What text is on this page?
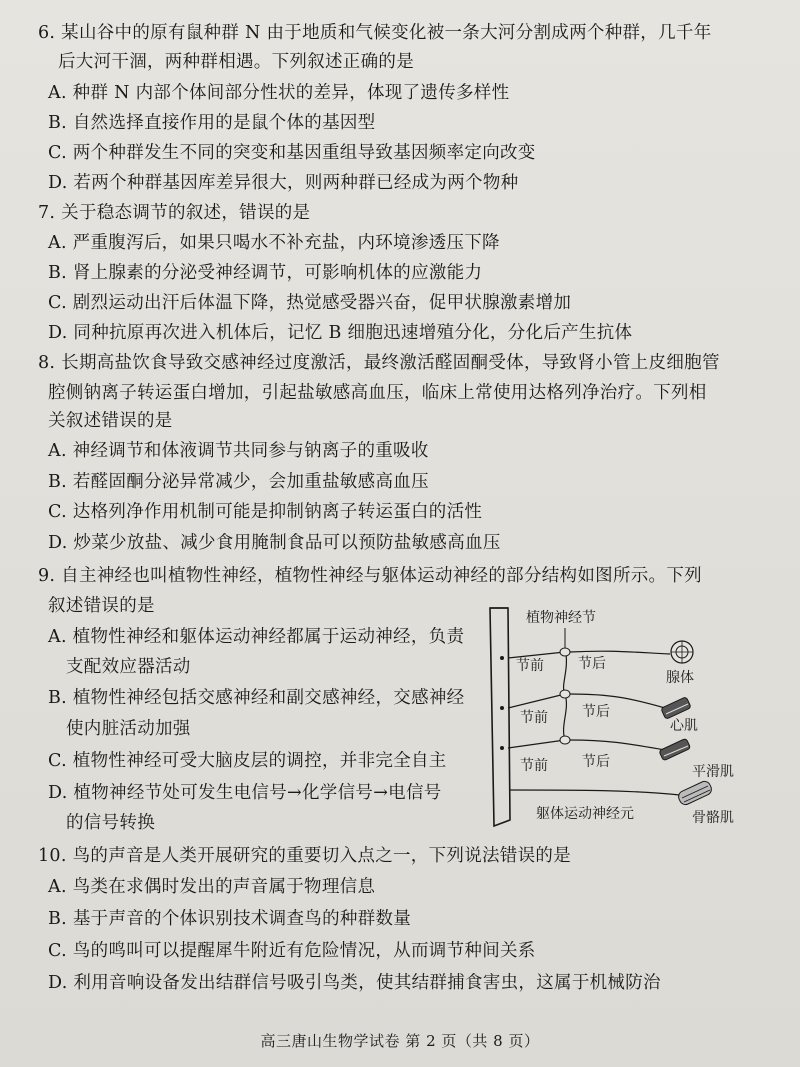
6. 某山谷中的原有鼠种群 N 由于地质和气候变化被一条大河分割成两个种群，几千年
后大河干涸，两种群相遇。下列叙述正确的是
A. 种群 N 内部个体间部分性状的差异，体现了遗传多样性
B. 自然选择直接作用的是鼠个体的基因型
C. 两个种群发生不同的突变和基因重组导致基因频率定向改变
D. 若两个种群基因库差异很大，则两种群已经成为两个物种
7. 关于稳态调节的叙述，错误的是
A. 严重腹泻后，如果只喝水不补充盐，内环境渗透压下降
B. 肾上腺素的分泌受神经调节，可影响机体的应激能力
C. 剧烈运动出汗后体温下降，热觉感受器兴奋，促甲状腺激素增加
D. 同种抗原再次进入机体后，记忆 B 细胞迅速增殖分化，分化后产生抗体
8. 长期高盐饮食导致交感神经过度激活，最终激活醛固酮受体，导致肾小管上皮细胞管
腔侧钠离子转运蛋白增加，引起盐敏感高血压，临床上常使用达格列净治疗。下列相
关叙述错误的是
A. 神经调节和体液调节共同参与钠离子的重吸收
B. 若醛固酮分泌异常减少，会加重盐敏感高血压
C. 达格列净作用机制可能是抑制钠离子转运蛋白的活性
D. 炒菜少放盐、减少食用腌制食品可以预防盐敏感高血压
9. 自主神经也叫植物性神经，植物性神经与躯体运动神经的部分结构如图所示。下列
叙述错误的是
A. 植物性神经和躯体运动神经都属于运动神经，负责
支配效应器活动
B. 植物性神经包括交感神经和副交感神经，交感神经
使内脏活动加强
C. 植物性神经可受大脑皮层的调控，并非完全自主
D. 植物神经节处可发生电信号→化学信号→电信号
的信号转换
植物神经节
节前 节后
节前 节后
节前 节后
腺体
心肌
平滑肌
骨骼肌
躯体运动神经元
10. 鸟的声音是人类开展研究的重要切入点之一，下列说法错误的是
A. 鸟类在求偶时发出的声音属于物理信息
B. 基于声音的个体识别技术调查鸟的种群数量
C. 鸟的鸣叫可以提醒犀牛附近有危险情况，从而调节种间关系
D. 利用音响设备发出结群信号吸引鸟类，使其结群捕食害虫，这属于机械防治
高三唐山生物学试卷 第 2 页（共 8 页）
